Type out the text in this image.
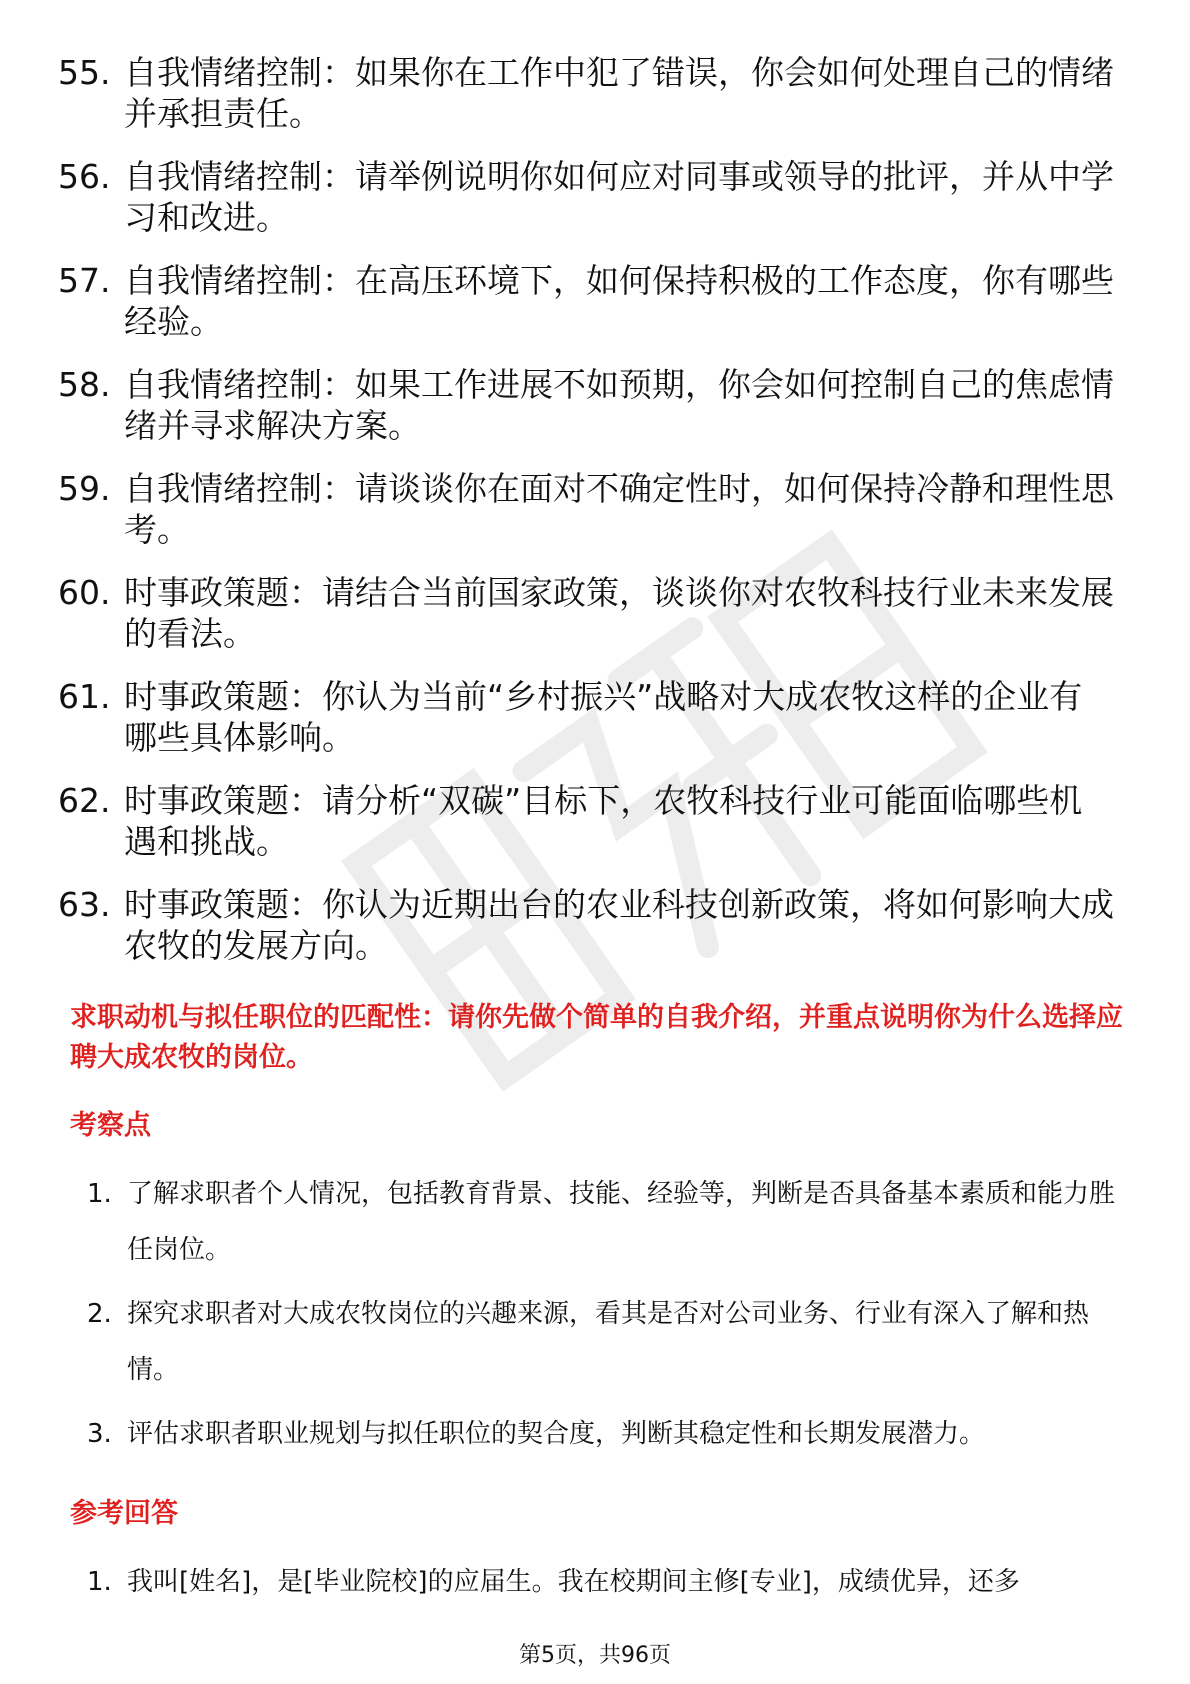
55. 自我情绪控制：如果你在工作中犯了错误，你会如何处理自己的情绪并承担责任。
56. 自我情绪控制：请举例说明你如何应对同事或领导的批评，并从中学习和改进。
57. 自我情绪控制：在高压环境下，如何保持积极的工作态度，你有哪些经验。
58. 自我情绪控制：如果工作进展不如预期，你会如何控制自己的焦虑情绪并寻求解决方案。
59. 自我情绪控制：请谈谈你在面对不确定性时，如何保持冷静和理性思考。
60. 时事政策题：请结合当前国家政策，谈谈你对农牧科技行业未来发展的看法。
61. 时事政策题：你认为当前“乡村振兴”战略对大成农牧这样的企业有哪些具体影响。
62. 时事政策题：请分析“双碳”目标下，农牧科技行业可能面临哪些机遇和挑战。
63. 时事政策题：你认为近期出台的农业科技创新政策，将如何影响大成农牧的发展方向。

求职动机与拟任职位的匹配性：请你先做个简单的自我介绍，并重点说明你为什么选择应聘大成农牧的岗位。

考察点
1. 了解求职者个人情况，包括教育背景、技能、经验等，判断是否具备基本素质和能力胜任岗位。
2. 探究求职者对大成农牧岗位的兴趣来源，看其是否对公司业务、行业有深入了解和热情。
3. 评估求职者职业规划与拟任职位的契合度，判断其稳定性和长期发展潜力。
参考回答
1. 我叫[姓名]，是[毕业院校]的应届生。我在校期间主修[专业]，成绩优异，还多
第5页，共96页
